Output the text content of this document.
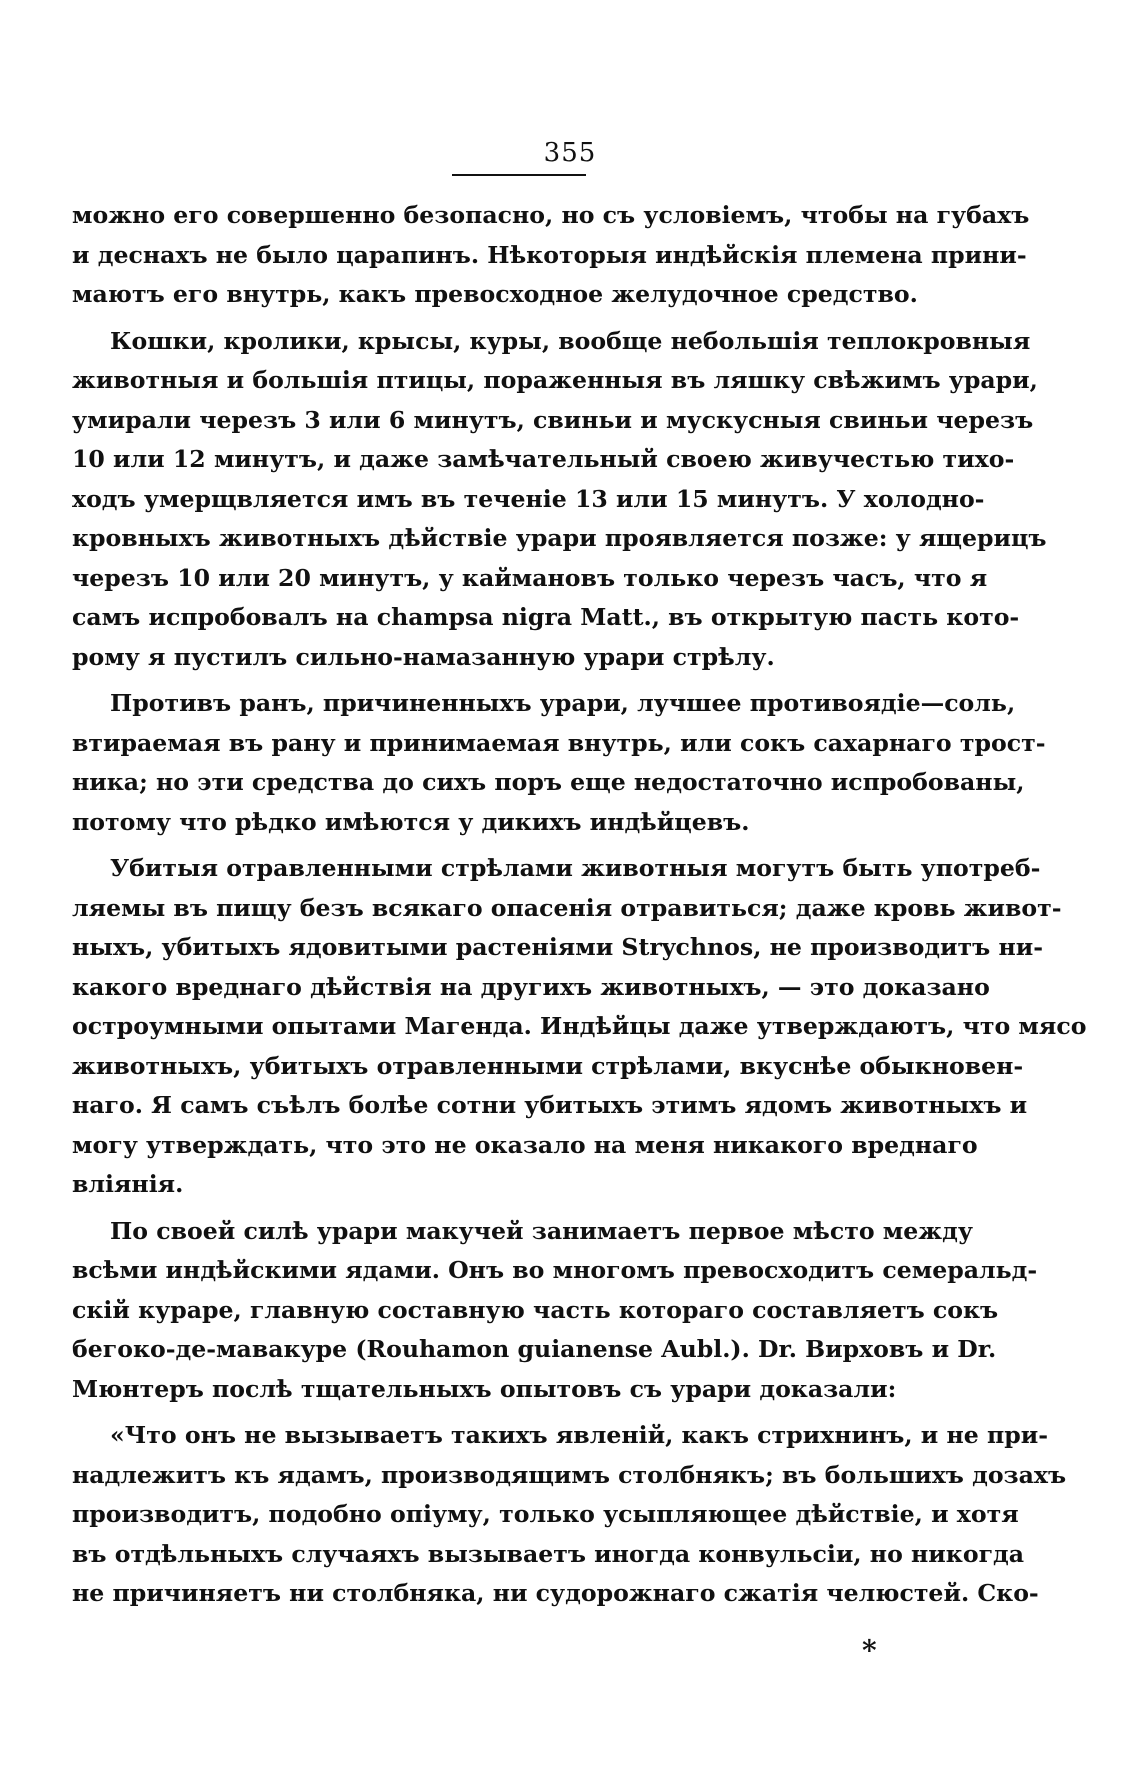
355
можно его совершенно безопасно, но съ условіемъ, чтобы на губахъ
и деснахъ не было царапинъ. Нѣкоторыя индѣйскія племена прини-
маютъ его внутрь, какъ превосходное желудочное средство.
Кошки, кролики, крысы, куры, вообще небольшія теплокровныя
животныя и большія птицы, пораженныя въ ляшку свѣжимъ урари,
умирали черезъ 3 или 6 минутъ, свиньи и мускусныя свиньи черезъ
10 или 12 минутъ, и даже замѣчательный своею живучестью тихо-
ходъ умерщвляется имъ въ теченіе 13 или 15 минутъ. У холодно-
кровныхъ животныхъ дѣйствіе урари проявляется позже: у ящерицъ
черезъ 10 или 20 минутъ, у каймановъ только черезъ часъ, что я
самъ испробовалъ на champsa nigra Matt., въ открытую пасть кото-
рому я пустилъ сильно-намазанную урари стрѣлу.
Противъ ранъ, причиненныхъ урари, лучшее противоядіе—соль,
втираемая въ рану и принимаемая внутрь, или сокъ сахарнаго трост-
ника; но эти средства до сихъ поръ еще недостаточно испробованы,
потому что рѣдко имѣются у дикихъ индѣйцевъ.
Убитыя отравленными стрѣлами животныя могутъ быть употреб-
ляемы въ пищу безъ всякаго опасенія отравиться; даже кровь живот-
ныхъ, убитыхъ ядовитыми растеніями Strychnos, не производитъ ни-
какого вреднаго дѣйствія на другихъ животныхъ, — это доказано
остроумными опытами Магенда. Индѣйцы даже утверждаютъ, что мясо
животныхъ, убитыхъ отравленными стрѣлами, вкуснѣе обыкновен-
наго. Я самъ съѣлъ болѣе сотни убитыхъ этимъ ядомъ животныхъ и
могу утверждать, что это не оказало на меня никакого вреднаго
вліянія.
По своей силѣ урари макучей занимаетъ первое мѣсто между
всѣми индѣйскими ядами. Онъ во многомъ превосходитъ семеральд-
скій кураре, главную составную часть котораго составляетъ сокъ
бегоко-де-мавакуре (Rouhamon guianense Aubl.). Dr. Вирховъ и Dr.
Мюнтеръ послѣ тщательныхъ опытовъ съ урари доказали:
«Что онъ не вызываетъ такихъ явленій, какъ стрихнинъ, и не при-
надлежитъ къ ядамъ, производящимъ столбнякъ; въ большихъ дозахъ
производитъ, подобно опіуму, только усыпляющее дѣйствіе, и хотя
въ отдѣльныхъ случаяхъ вызываетъ иногда конвульсіи, но никогда
не причиняетъ ни столбняка, ни судорожнаго сжатія челюстей. Ско-
*
